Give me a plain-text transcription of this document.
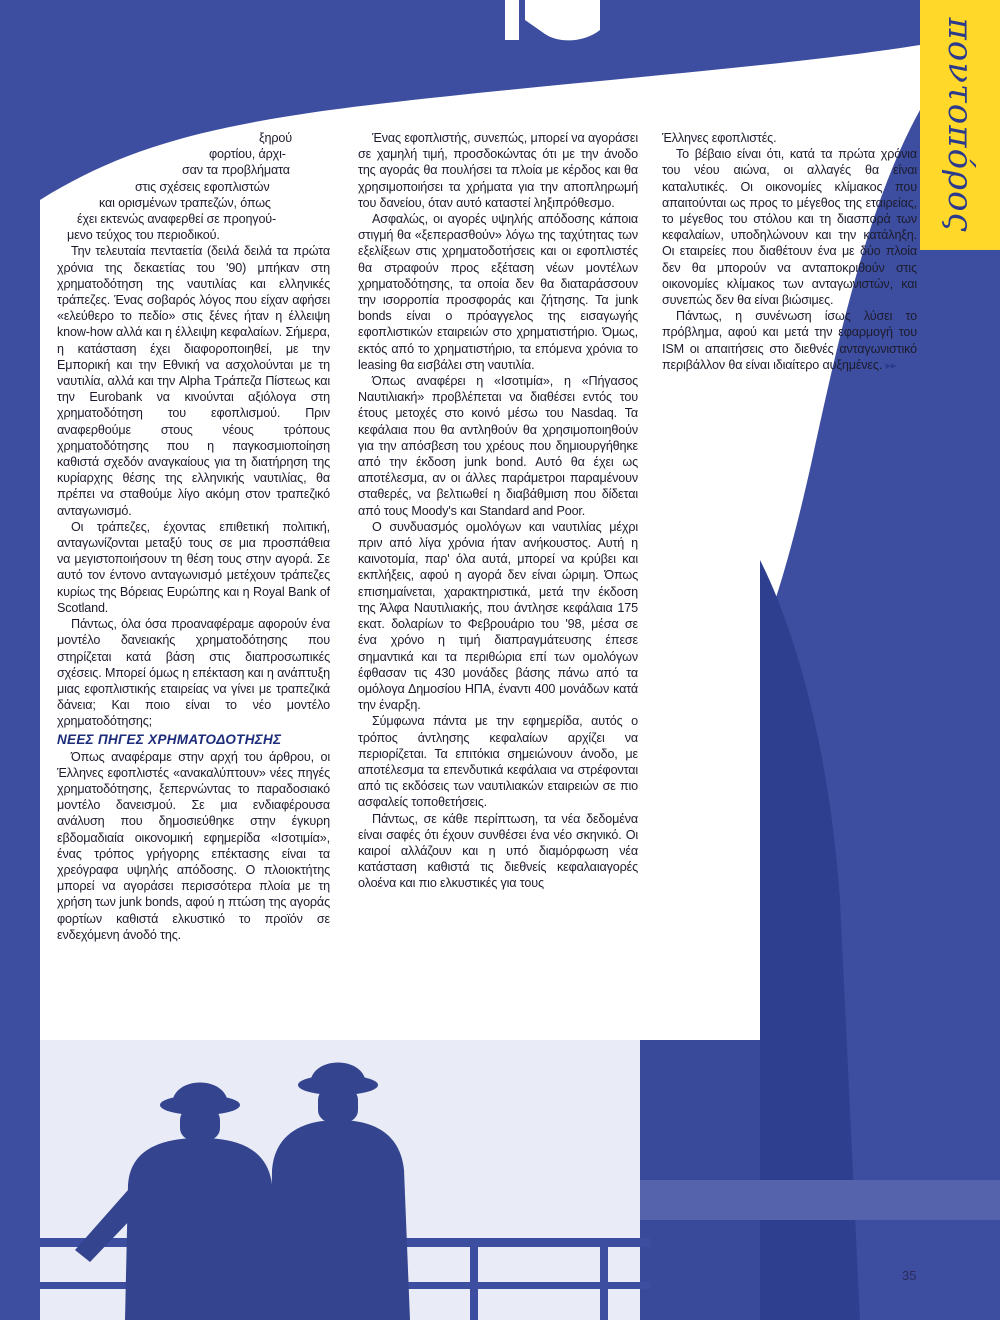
ποντοπόρος

ξηρού

φορτίου, άρχι-

σαν τα προβλήματα

στις σχέσεις εφοπλιστών

και ορισμένων τραπεζών, όπως

έχει εκτενώς αναφερθεί σε προηγού-

μενο τεύχος του περιοδικού.

Την τελευταία πενταετία (δειλά δειλά τα πρώτα χρόνια της δεκαετίας του '90) μπήκαν στη χρηματοδότηση της ναυτιλίας και ελληνικές τράπεζες. Ένας σοβαρός λόγος που είχαν αφήσει «ελεύθερο το πεδίο» στις ξένες ήταν η έλλειψη know-how αλλά και η έλλειψη κεφαλαίων. Σήμερα, η κατάσταση έχει διαφοροποιηθεί, με την Εμπορική και την Εθνική να ασχολούνται με τη ναυτιλία, αλλά και την Alpha Τράπεζα Πίστεως και την Eurobank να κινούνται αξιόλογα στη χρηματοδότηση του εφοπλισμού. Πριν αναφερθούμε στους νέους τρόπους χρηματοδότησης που η παγκοσμιοποίηση καθιστά σχεδόν αναγκαίους για τη διατήρηση της κυρίαρχης θέσης της ελληνικής ναυτιλίας, θα πρέπει να σταθούμε λίγο ακόμη στον τραπεζικό ανταγωνισμό.

Οι τράπεζες, έχοντας επιθετική πολιτική, ανταγωνίζονται μεταξύ τους σε μια προσπάθεια να μεγιστοποιήσουν τη θέση τους στην αγορά. Σε αυτό τον έντονο ανταγωνισμό μετέχουν τράπεζες κυρίως της Βόρειας Ευρώπης και η Royal Bank of Scotland.

Πάντως, όλα όσα προαναφέραμε αφορούν ένα μοντέλο δανειακής χρηματοδότησης που στηρίζεται κατά βάση στις διαπροσωπικές σχέσεις. Μπορεί όμως η επέκταση και η ανάπτυξη μιας εφοπλιστικής εταιρείας να γίνει με τραπεζικά δάνεια; Και ποιο είναι το νέο μοντέλο χρηματοδότησης;

ΝΕΕΣ ΠΗΓΕΣ ΧΡΗΜΑΤΟΔΟΤΗΣΗΣ

Όπως αναφέραμε στην αρχή του άρθρου, οι Έλληνες εφοπλιστές «ανακαλύπτουν» νέες πηγές χρηματοδότησης, ξεπερνώντας το παραδοσιακό μοντέλο δανεισμού. Σε μια ενδιαφέρουσα ανάλυση που δημοσιεύθηκε στην έγκυρη εβδομαδιαία οικονομική εφημερίδα «Ισοτιμία», ένας τρόπος γρήγορης επέκτασης είναι τα χρεόγραφα υψηλής απόδοσης. Ο πλοιοκτήτης μπορεί να αγοράσει περισσότερα πλοία με τη χρήση των junk bonds, αφού η πτώση της αγοράς φορτίων καθιστά ελκυστικό το προϊόν σε ενδεχόμενη άνοδό της.

Ένας εφοπλιστής, συνεπώς, μπορεί να αγοράσει σε χαμηλή τιμή, προσδοκώντας ότι με την άνοδο της αγοράς θα πουλήσει τα πλοία με κέρδος και θα χρησιμοποιήσει τα χρήματα για την αποπληρωμή του δανείου, όταν αυτό καταστεί ληξιπρόθεσμο.

Ασφαλώς, οι αγορές υψηλής απόδοσης κάποια στιγμή θα «ξεπερασθούν» λόγω της ταχύτητας των εξελίξεων στις χρηματοδοτήσεις και οι εφοπλιστές θα στραφούν προς εξέταση νέων μοντέλων χρηματοδότησης, τα οποία δεν θα διαταράσσουν την ισορροπία προσφοράς και ζήτησης. Τα junk bonds είναι ο πρόαγγελος της εισαγωγής εφοπλιστικών εταιρειών στο χρηματιστήριο. Όμως, εκτός από το χρηματιστήριο, τα επόμενα χρόνια το leasing θα εισβάλει στη ναυτιλία.

Όπως αναφέρει η «Ισοτιμία», η «Πήγασος Ναυτιλιακή» προβλέπεται να διαθέσει εντός του έτους μετοχές στο κοινό μέσω του Nasdaq. Τα κεφάλαια που θα αντληθούν θα χρησιμοποιηθούν για την απόσβεση του χρέους που δημιουργήθηκε από την έκδοση junk bond. Αυτό θα έχει ως αποτέλεσμα, αν οι άλλες παράμετροι παραμένουν σταθερές, να βελτιωθεί η διαβάθμιση που δίδεται από τους Moody's και Standard and Poor.

Ο συνδυασμός ομολόγων και ναυτιλίας μέχρι πριν από λίγα χρόνια ήταν ανήκουστος. Αυτή η καινοτομία, παρ' όλα αυτά, μπορεί να κρύβει και εκπλήξεις, αφού η αγορά δεν είναι ώριμη. Όπως επισημαίνεται, χαρακτηριστικά, μετά την έκδοση της Άλφα Ναυτιλιακής, που άντλησε κεφάλαια 175 εκατ. δολαρίων το Φεβρουάριο του '98, μέσα σε ένα χρόνο η τιμή διαπραγμάτευσης έπεσε σημαντικά και τα περιθώρια επί των ομολόγων έφθασαν τις 430 μονάδες βάσης πάνω από τα ομόλογα Δημοσίου ΗΠΑ, έναντι 400 μονάδων κατά την έναρξη.

Σύμφωνα πάντα με την εφημερίδα, αυτός ο τρόπος άντλησης κεφαλαίων αρχίζει να περιορίζεται. Τα επιτόκια σημειώνουν άνοδο, με αποτέλεσμα τα επενδυτικά κεφάλαια να στρέφονται από τις εκδόσεις των ναυτιλιακών εταιρειών σε πιο ασφαλείς τοποθετήσεις.

Πάντως, σε κάθε περίπτωση, τα νέα δεδομένα είναι σαφές ότι έχουν συνθέσει ένα νέο σκηνικό. Οι καιροί αλλάζουν και η υπό διαμόρφωση νέα κατάσταση καθιστά τις διεθνείς κεφαλαιαγορές ολοένα και πιο ελκυστικές για τους

Έλληνες εφοπλιστές.

Το βέβαιο είναι ότι, κατά τα πρώτα χρόνια του νέου αιώνα, οι αλλαγές θα είναι καταλυτικές. Οι οικονομίες κλίμακος που απαιτούνται ως προς το μέγεθος της εταιρείας, το μέγεθος του στόλου και τη διασπορά των κεφαλαίων, υποδηλώνουν και την κατάληξη. Οι εταιρείες που διαθέτουν ένα με δύο πλοία δεν θα μπορούν να ανταποκριθούν στις οικονομίες κλίμακος των ανταγωνιστών, και συνεπώς δεν θα είναι βιώσιμες.

Πάντως, η συνένωση ίσως λύσει το πρόβλημα, αφού και μετά την εφαρμογή του ISM οι απαιτήσεις στο διεθνές ανταγωνιστικό περιβάλλον θα είναι ιδιαίτερο αυξημένες. ▸▸

35
